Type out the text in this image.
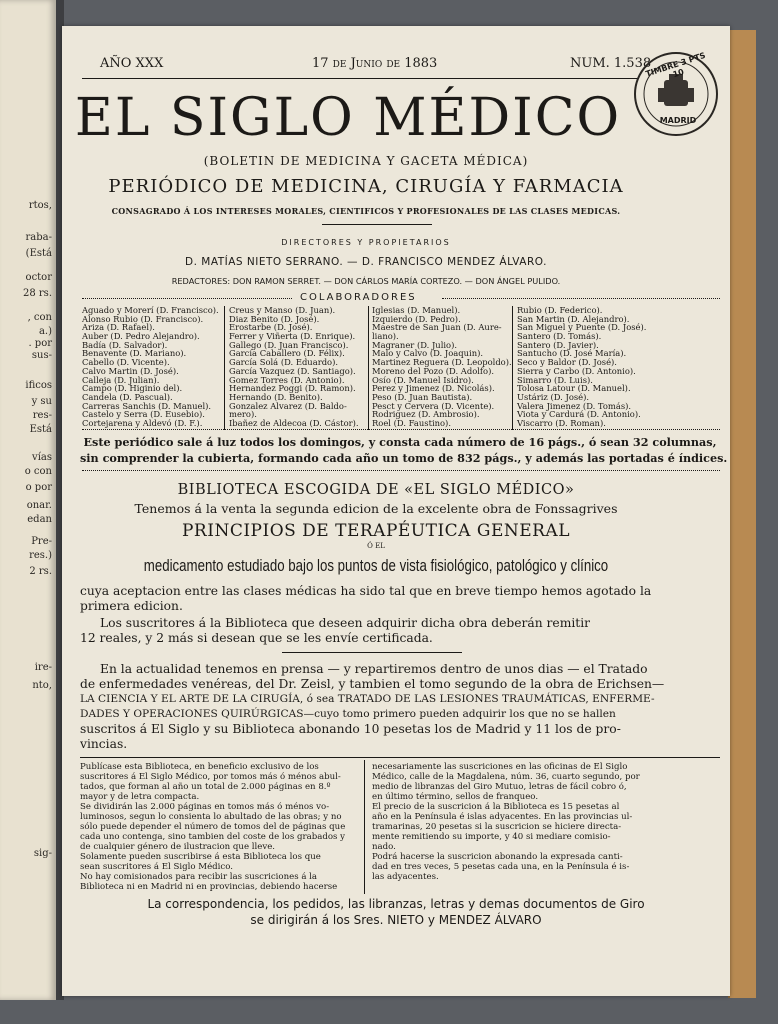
rtos,
raba-
(Está
octor
28 rs.
, con
a.)
. por
sus-
ificos
y su
res-
Está
vías
o con
o por
onar.
edan
Pre-
res.)
2 rs.
ire-
nto,
sig-
AÑO XXX	17 de Junio de 1883	NUM. 1.538
TIMBRE 3 PTS 10
MADRID
EL SIGLO MÉDICO
(BOLETIN DE MEDICINA Y GACETA MÉDICA)
PERIÓDICO DE MEDICINA, CIRUGÍA Y FARMACIA
CONSAGRADO Á LOS INTERESES MORALES, CIENTIFICOS Y PROFESIONALES DE LAS CLASES MEDICAS.
DIRECTORES Y PROPIETARIOS
D. MATÍAS NIETO SERRANO. — D. FRANCISCO MENDEZ ÁLVARO.
REDACTORES: DON RAMON SERRET. — DON CÁRLOS MARÍA CORTEZO. — DON ÁNGEL PULIDO.
COLABORADORES
Aguado y Morerí (D. Francisco).
Alonso Rubio (D. Francisco).
Ariza (D. Rafael).
Auber (D. Pedro Alejandro).
Badía (D. Salvador).
Benavente (D. Mariano).
Cabello (D. Vicente).
Calvo Martin (D. José).
Calleja (D. Julian).
Campo (D. Higinio del).
Candela (D. Pascual).
Carreras Sanchis (D. Manuel).
Castelo y Serra (D. Eusebio).
Cortejarena y Aldevó (D. F.).
Creus y Manso (D. Juan).
Diaz Benito (D. José).
Erostarbe (D. José).
Ferrer y Viñerta (D. Enrique).
Gallego (D. Juan Francisco).
García Caballero (D. Félix).
García Solá (D. Eduardo).
García Vazquez (D. Santiago).
Gomez Torres (D. Antonio).
Hernandez Poggi (D. Ramon).
Hernando (D. Benito).
Gonzalez Alvarez (D. Baldo-
mero).
Ibañez de Aldecoa (D. Cástor).
Iglesias (D. Manuel).
Izquierdo (D. Pedro).
Maestre de San Juan (D. Aure-
liano).
Magraner (D. Julio).
Malo y Calvo (D. Joaquin).
Martinez Reguera (D. Leopoldo).
Moreno del Pozo (D. Adolfo).
Osío (D. Manuel Isidro).
Perez y Jimenez (D. Nicolás).
Peso (D. Juan Bautista).
Pesct y Cervera (D. Vicente).
Rodriguez (D. Ambrosio).
Roel (D. Faustino).
Rubio (D. Federico).
San Martin (D. Alejandro).
San Miguel y Puente (D. José).
Santero (D. Tomás).
Santero (D. Javier).
Santucho (D. José María).
Seco y Baldor (D. José).
Sierra y Carbo (D. Antonio).
Simarro (D. Luis).
Tolosa Latour (D. Manuel).
Ustáriz (D. José).
Valera Jimenez (D. Tomás).
Viota y Cardurá (D. Antonio).
Viscarro (D. Roman).
Este periódico sale á luz todos los domingos, y consta cada número de 16 págs., ó sean 32 columnas,
sin comprender la cubierta, formando cada año un tomo de 832 págs., y además las portadas é índices.
BIBLIOTECA ESCOGIDA DE «EL SIGLO MÉDICO»
Tenemos á la venta la segunda edicion de la excelente obra de Fonssagrives
PRINCIPIOS DE TERAPÉUTICA GENERAL
Ó EL
medicamento estudiado bajo los puntos de vista fisiológico, patológico y clínico
cuya aceptacion entre las clases médicas ha sido tal que en breve tiempo hemos agotado la
primera edicion.
Los suscritores á la Biblioteca que deseen adquirir dicha obra deberán remitir
12 reales, y 2 más si desean que se les envíe certificada.
En la actualidad tenemos en prensa — y repartiremos dentro de unos dias — el Tratado
de enfermedades venéreas, del Dr. Zeisl, y tambien el tomo segundo de la obra de Erichsen—
LA CIENCIA Y EL ARTE DE LA CIRUGÍA, ó sea TRATADO DE LAS LESIONES TRAUMÁTICAS, ENFERME-
DADES Y OPERACIONES QUIRÚRGICAS—cuyo tomo primero pueden adquirir los que no se hallen
suscritos á El Siglo y su Biblioteca abonando 10 pesetas los de Madrid y 11 los de pro-
vincias.
Publícase esta Biblioteca, en beneficio exclusivo de los
suscritores á El Siglo Médico, por tomos más ó ménos abul-
tados, que forman al año un total de 2.000 páginas en 8.º
mayor y de letra compacta.
Se dividirán las 2.000 páginas en tomos más ó ménos vo-
luminosos, segun lo consienta lo abultado de las obras; y no
sólo puede depender el número de tomos del de páginas que
cada uno contenga, sino tambien del coste de los grabados y
de cualquier género de ilustracion que lleve.
Solamente pueden suscribirse á esta Biblioteca los que
sean suscritores á El Siglo Médico.
No hay comisionados para recibir las suscriciones á la
Biblioteca ni en Madrid ni en provincias, debiendo hacerse
necesariamente las suscriciones en las oficinas de El Siglo
Médico, calle de la Magdalena, núm. 36, cuarto segundo, por
medio de libranzas del Giro Mutuo, letras de fácil cobro ó,
en último término, sellos de franqueo.
El precio de la suscricion á la Biblioteca es 15 pesetas al
año en la Península é islas adyacentes. En las provincias ul-
tramarinas, 20 pesetas si la suscricion se hiciere directa-
mente remitiendo su importe, y 40 si mediare comisio-
nado.
Podrá hacerse la suscricion abonando la expresada canti-
dad en tres veces, 5 pesetas cada una, en la Península é is-
las adyacentes.
La correspondencia, los pedidos, las libranzas, letras y demas documentos de Giro
se dirigirán á los Sres. NIETO y MENDEZ ÁLVARO
